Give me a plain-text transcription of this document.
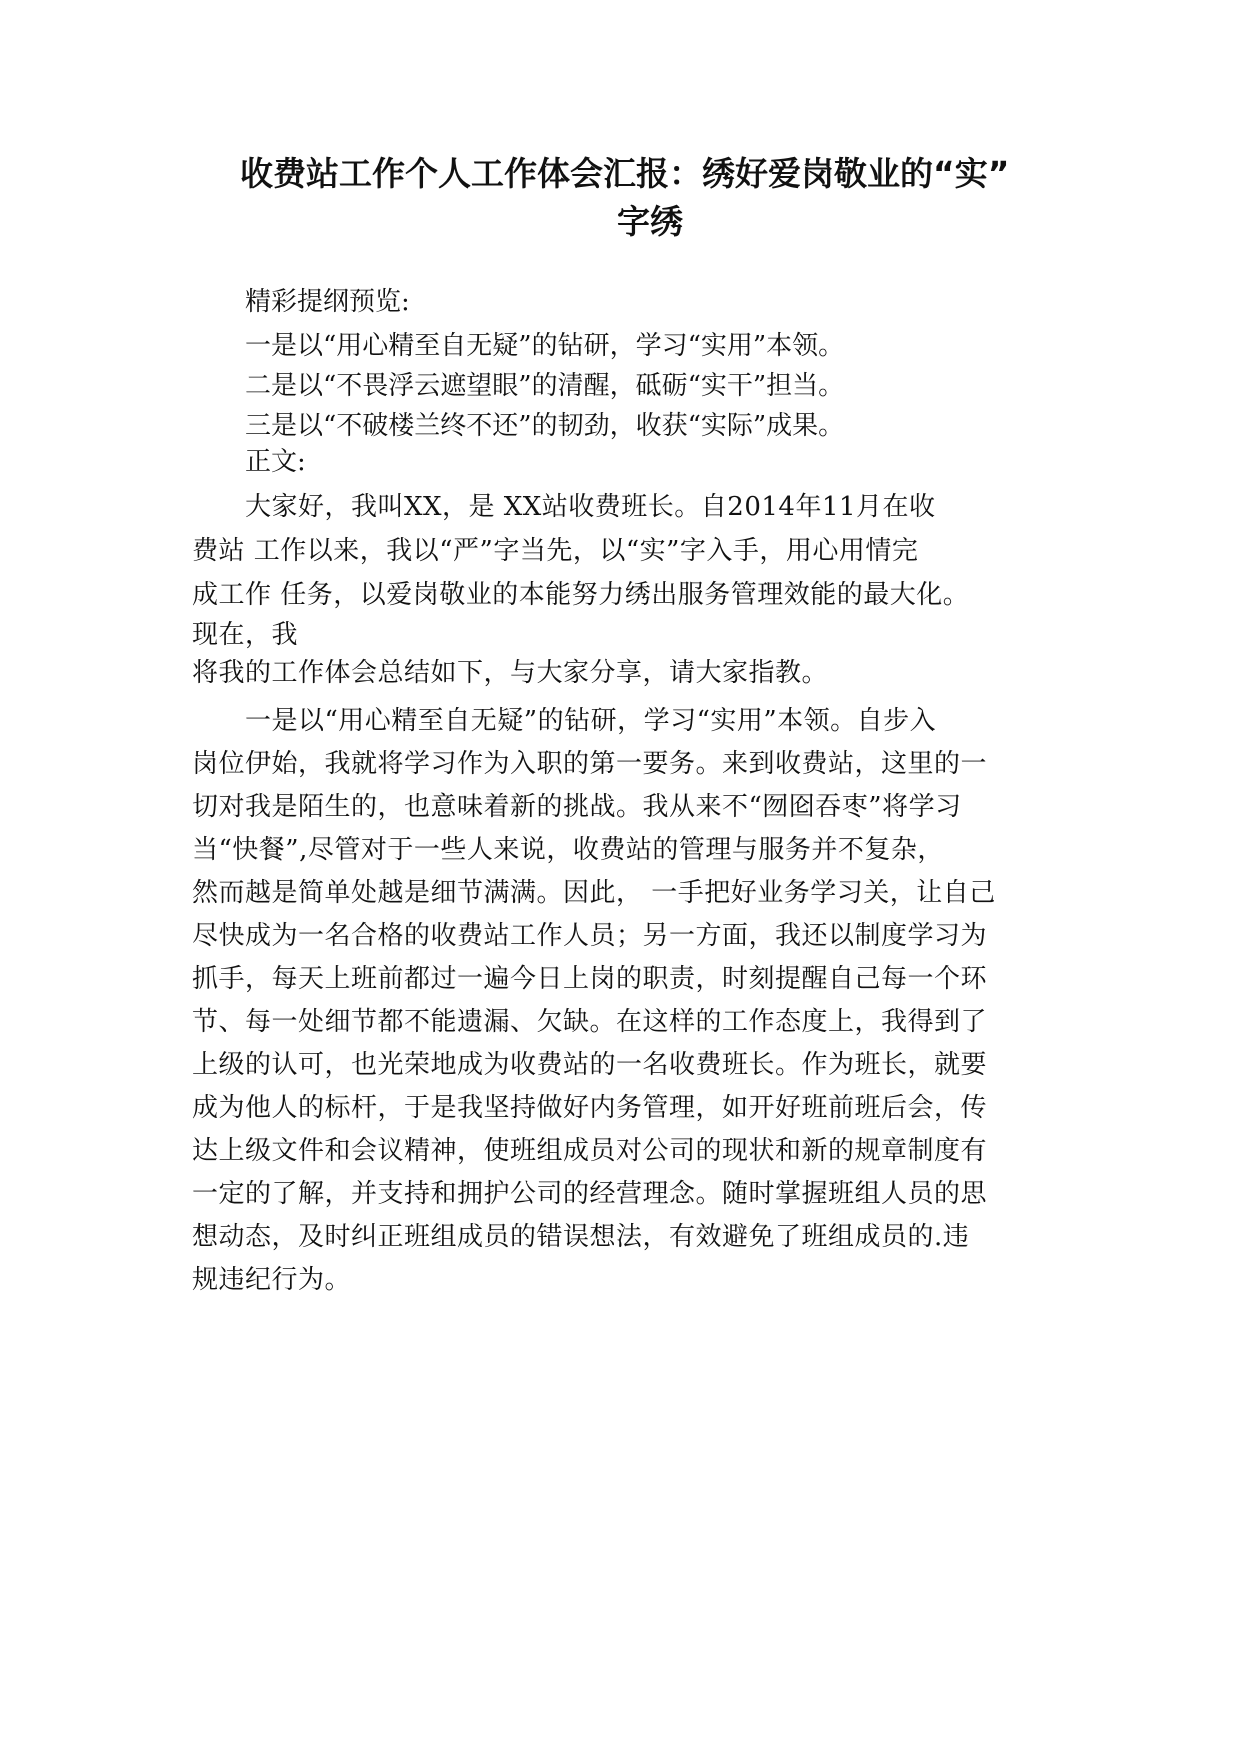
收费站工作个人工作体会汇报：绣好爱岗敬业的“实”
字绣
精彩提纲预览:
一是以“用心精至自无疑”的钻研，学习“实用”本领。
二是以“不畏浮云遮望眼”的清醒，砥砺“实干”担当。
三是以“不破楼兰终不还”的韧劲，收获“实际”成果。
正文:
大家好，我叫XX，是 XX站收费班长。自2014年11月在收
费站 工作以来，我以“严”字当先，以“实”字入手，用心用情完
成工作 任务，以爱岗敬业的本能努力绣出服务管理效能的最大化。
现在，我
将我的工作体会总结如下，与大家分享，请大家指教。
一是以“用心精至自无疑”的钻研，学习“实用”本领。自步入
岗位伊始，我就将学习作为入职的第一要务。来到收费站，这里的一
切对我是陌生的，也意味着新的挑战。我从来不“囫囵吞枣”将学习
当“快餐”,尽管对于一些人来说，收费站的管理与服务并不复杂，
然而越是简单处越是细节满满。因此， 一手把好业务学习关，让自己
尽快成为一名合格的收费站工作人员；另一方面，我还以制度学习为
抓手，每天上班前都过一遍今日上岗的职责，时刻提醒自己每一个环
节、每一处细节都不能遗漏、欠缺。在这样的工作态度上，我得到了
上级的认可，也光荣地成为收费站的一名收费班长。作为班长，就要
成为他人的标杆，于是我坚持做好内务管理，如开好班前班后会，传
达上级文件和会议精神，使班组成员对公司的现状和新的规章制度有
一定的了解，并支持和拥护公司的经营理念。随时掌握班组人员的思
想动态，及时纠正班组成员的错误想法，有效避免了班组成员的.违
规违纪行为。
